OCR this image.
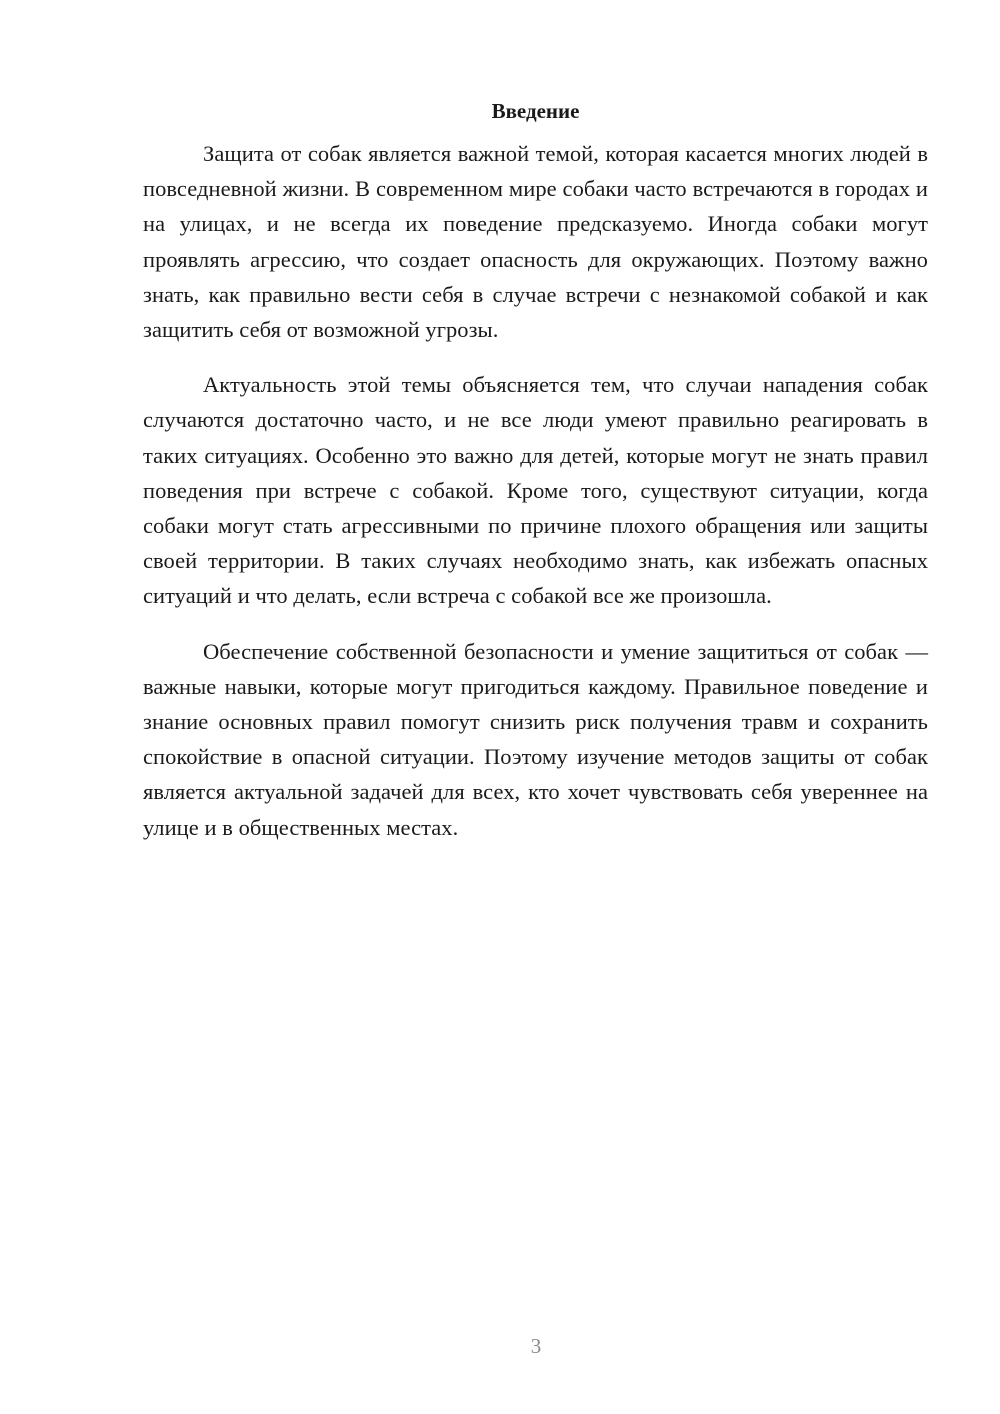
Введение

Защита от собак является важной темой, которая касается многих людей в повседневной жизни. В современном мире собаки часто встречаются в городах и на улицах, и не всегда их поведение предсказуемо. Иногда собаки могут проявлять агрессию, что создает опасность для окружающих. Поэтому важно знать, как правильно вести себя в случае встречи с незнакомой собакой и как защитить себя от возможной угрозы.

Актуальность этой темы объясняется тем, что случаи нападения собак случаются достаточно часто, и не все люди умеют правильно реагировать в таких ситуациях. Особенно это важно для детей, которые могут не знать правил поведения при встрече с собакой. Кроме того, существуют ситуации, когда собаки могут стать агрессивными по причине плохого обращения или защиты своей территории. В таких случаях необходимо знать, как избежать опасных ситуаций и что делать, если встреча с собакой все же произошла.

Обеспечение собственной безопасности и умение защититься от собак — важные навыки, которые могут пригодиться каждому. Правильное поведение и знание основных правил помогут снизить риск получения травм и сохранить спокойствие в опасной ситуации. Поэтому изучение методов защиты от собак является актуальной задачей для всех, кто хочет чувствовать себя увереннее на улице и в общественных местах.

3
